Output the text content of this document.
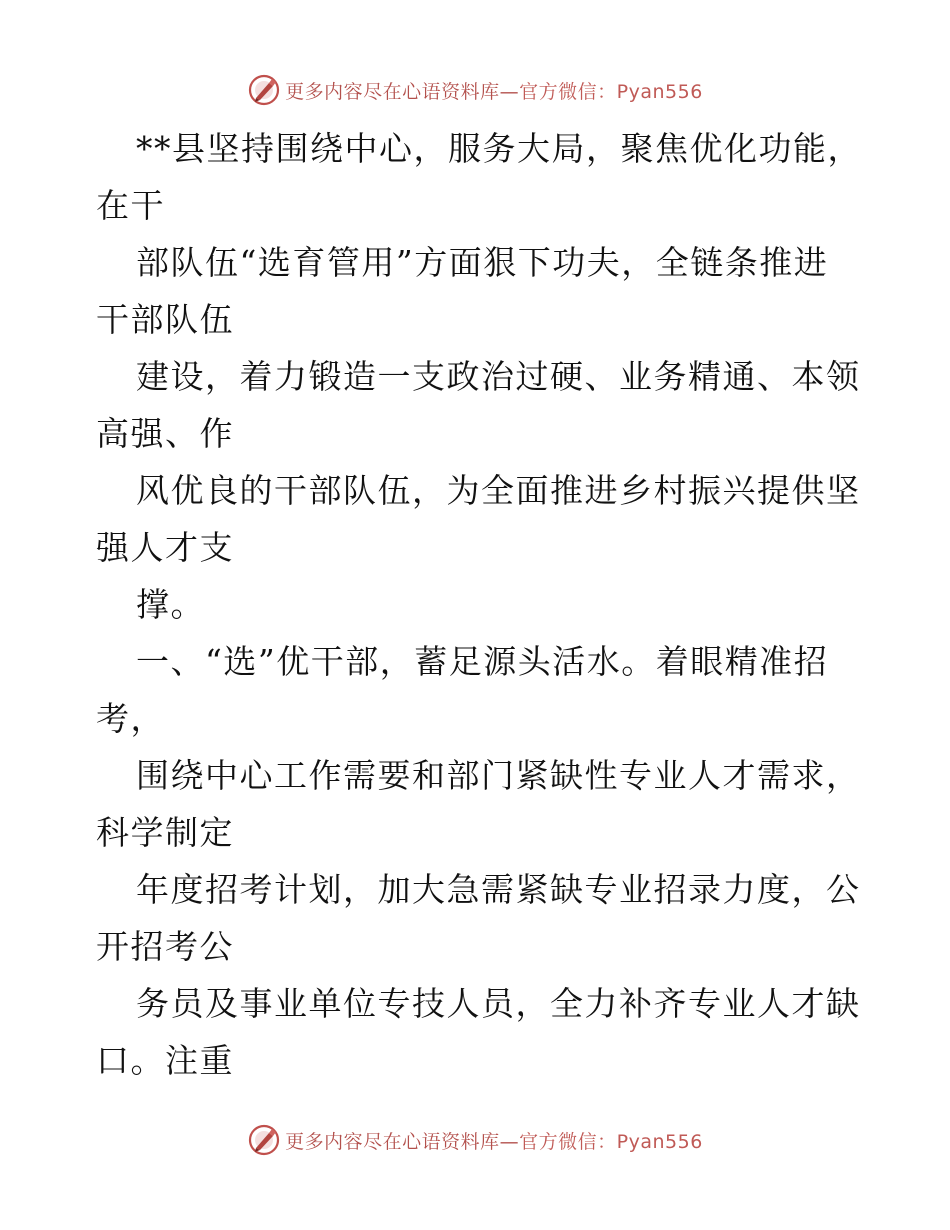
更多内容尽在心语资料库—官方微信：Pyan556
**县坚持围绕中心，服务大局，聚焦优化功能，
在干
部队伍“选育管用”方面狠下功夫，全链条推进
干部队伍
建设，着力锻造一支政治过硬、业务精通、本领
高强、作
风优良的干部队伍，为全面推进乡村振兴提供坚
强人才支
撑。
一、“选”优干部，蓄足源头活水。着眼精准招
考，
围绕中心工作需要和部门紧缺性专业人才需求，
科学制定
年度招考计划，加大急需紧缺专业招录力度，公
开招考公
务员及事业单位专技人员，全力补齐专业人才缺
口。注重
更多内容尽在心语资料库—官方微信：Pyan556
